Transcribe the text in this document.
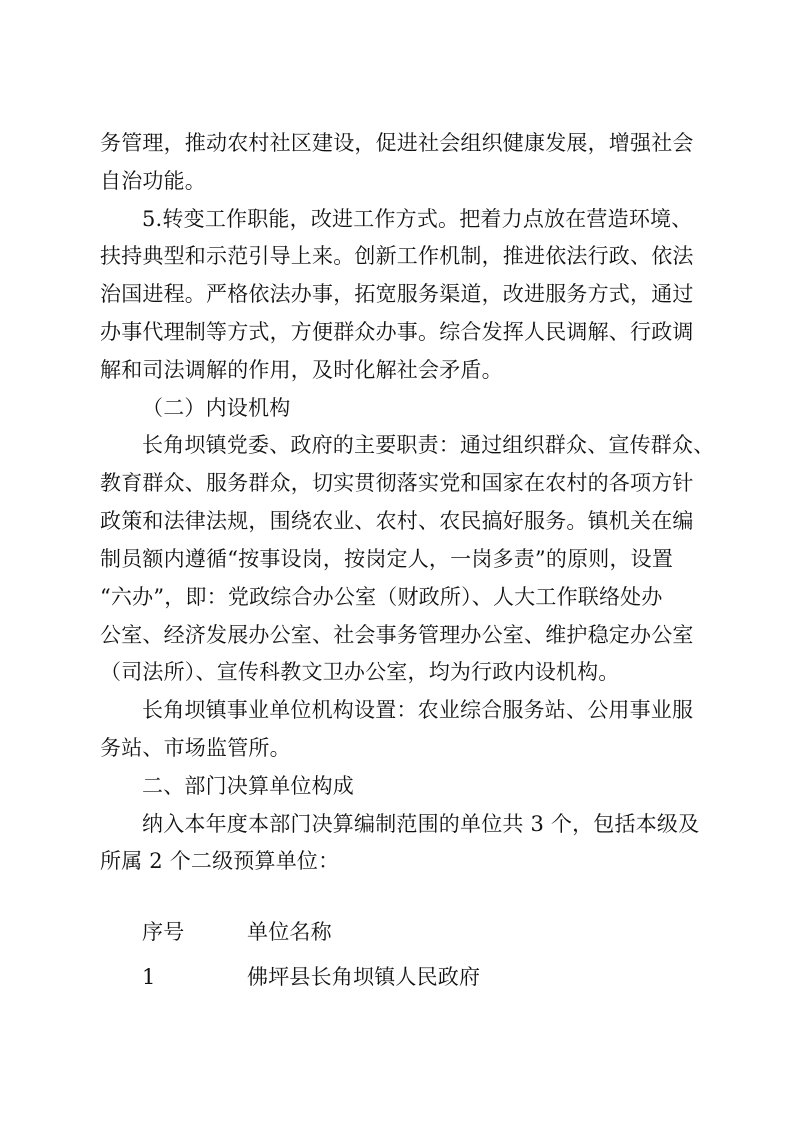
务管理，推动农村社区建设，促进社会组织健康发展，增强社会
自治功能。
5.转变工作职能，改进工作方式。把着力点放在营造环境、
扶持典型和示范引导上来。创新工作机制，推进依法行政、依法
治国进程。严格依法办事，拓宽服务渠道，改进服务方式，通过
办事代理制等方式，方便群众办事。综合发挥人民调解、行政调
解和司法调解的作用，及时化解社会矛盾。
（二）内设机构
长角坝镇党委、政府的主要职责：通过组织群众、宣传群众、
教育群众、服务群众，切实贯彻落实党和国家在农村的各项方针
政策和法律法规，围绕农业、农村、农民搞好服务。镇机关在编
制员额内遵循“按事设岗，按岗定人，一岗多责”的原则，设置
“六办”，即：党政综合办公室（财政所）、人大工作联络处办
公室、经济发展办公室、社会事务管理办公室、维护稳定办公室
（司法所）、宣传科教文卫办公室，均为行政内设机构。
长角坝镇事业单位机构设置：农业综合服务站、公用事业服
务站、市场监管所。
二、部门决算单位构成
纳入本年度本部门决算编制范围的单位共 3 个，包括本级及
所属 2 个二级预算单位：
序号	单位名称
1	佛坪县长角坝镇人民政府
